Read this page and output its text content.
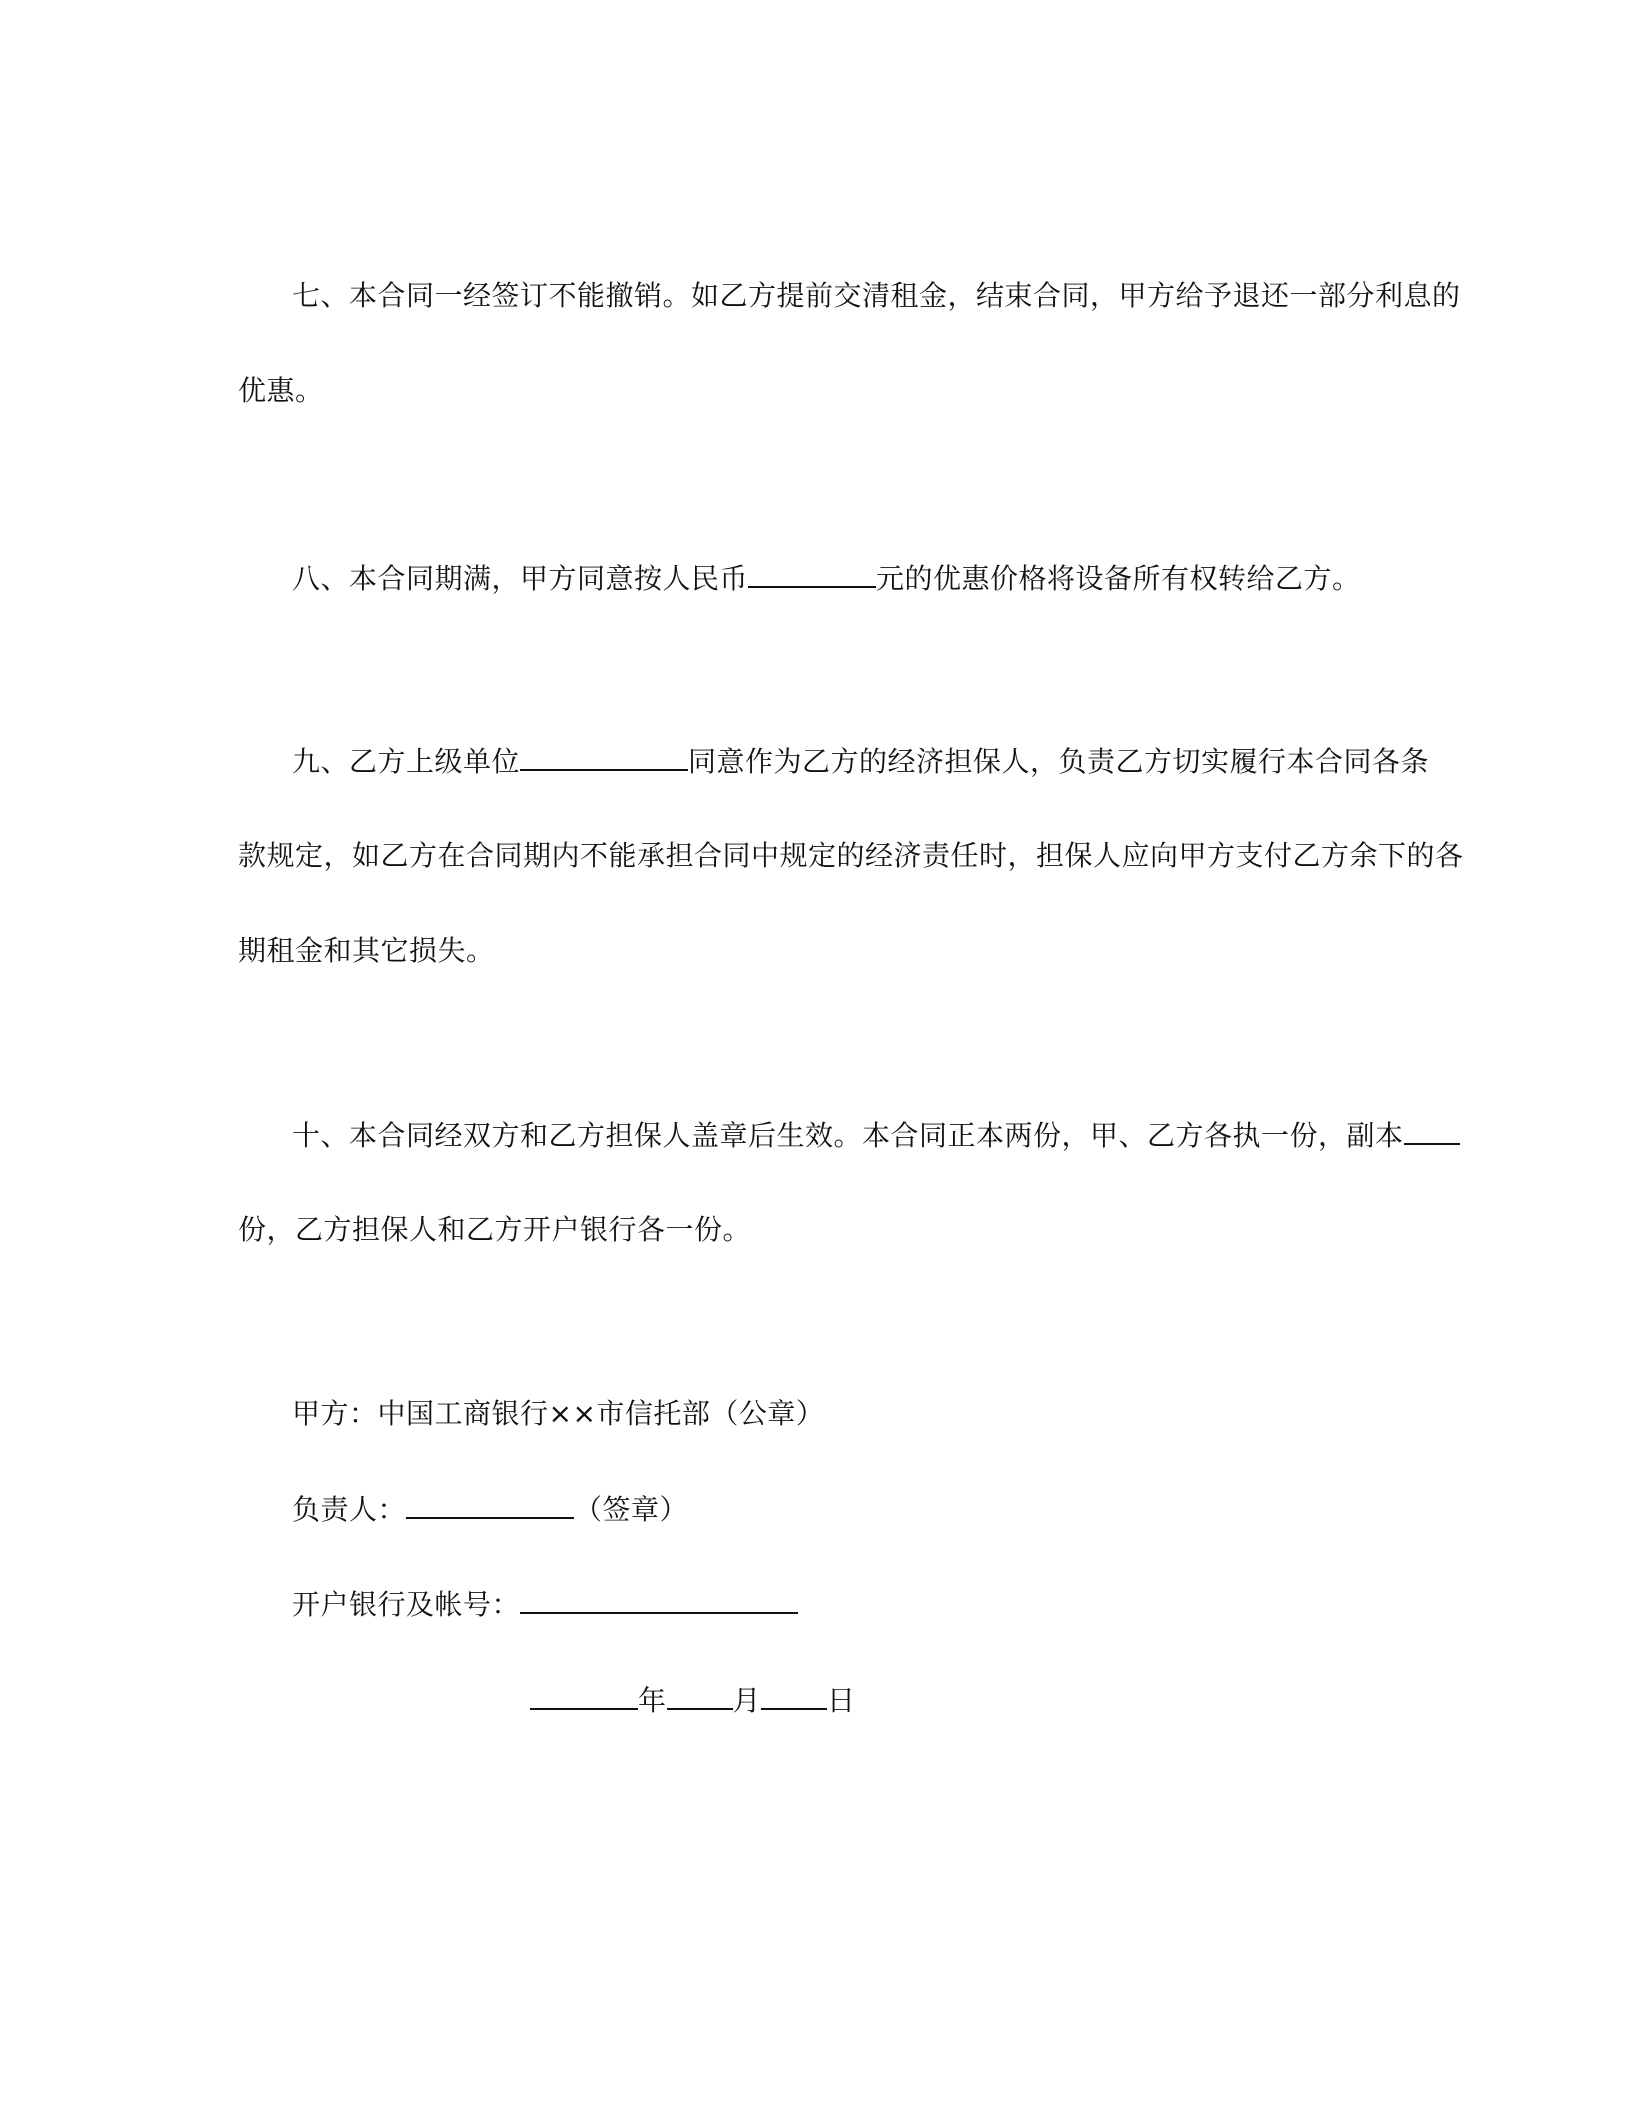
七、本合同一经签订不能撤销。如乙方提前交清租金，结束合同，甲方给予退还一部分利息的
优惠。
八、本合同期满，甲方同意按人民币	元的优惠价格将设备所有权转给乙方。
九、乙方上级单位	同意作为乙方的经济担保人，负责乙方切实履行本合同各条
款规定，如乙方在合同期内不能承担合同中规定的经济责任时，担保人应向甲方支付乙方余下的各
期租金和其它损失。
十、本合同经双方和乙方担保人盖章后生效。本合同正本两份，甲、乙方各执一份，副本
份，乙方担保人和乙方开户银行各一份。
甲方：中国工商银行××市信托部（公章）
负责人：	（签章）
开户银行及帐号：
年 月 日
